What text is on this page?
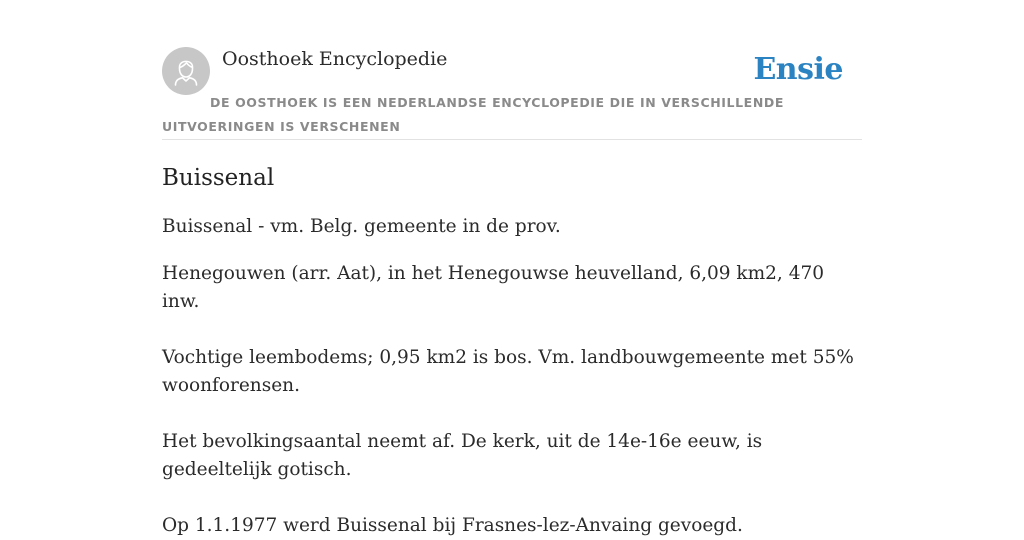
Oosthoek Encyclopedie	Ensie
DE OOSTHOEK IS EEN NEDERLANDSE ENCYCLOPEDIE DIE IN VERSCHILLENDE UITVOERINGEN IS VERSCHENEN
Buissenal

Buissenal - vm. Belg. gemeente in de prov.

Henegouwen (arr. Aat), in het Henegouwse heuvelland, 6,09 km2, 470 inw.

Vochtige leembodems; 0,95 km2 is bos. Vm. landbouwgemeente met 55% woonforensen.

Het bevolkingsaantal neemt af. De kerk, uit de 14e-16e eeuw, is gedeeltelijk gotisch.

Op 1.1.1977 werd Buissenal bij Frasnes-lez-Anvaing gevoegd.
